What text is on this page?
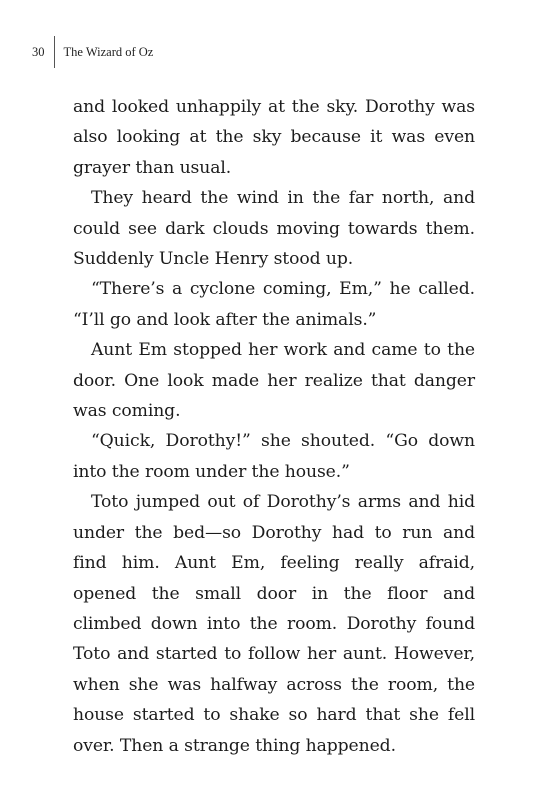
30	The Wizard of Oz

and looked unhappily at the sky. Dorothy was also looking at the sky because it was even grayer than usual.

They heard the wind in the far north, and could see dark clouds moving towards them. Suddenly Uncle Henry stood up.

“There’s a cyclone coming, Em,” he called. “I’ll go and look after the animals.”

Aunt Em stopped her work and came to the door. One look made her realize that danger was coming.

“Quick, Dorothy!” she shouted. “Go down into the room under the house.”

Toto jumped out of Dorothy’s arms and hid under the bed—so Dorothy had to run and find him. Aunt Em, feeling really afraid, opened the small door in the floor and climbed down into the room. Dorothy found Toto and started to follow her aunt. However, when she was halfway across the room, the house started to shake so hard that she fell over. Then a strange thing happened.
